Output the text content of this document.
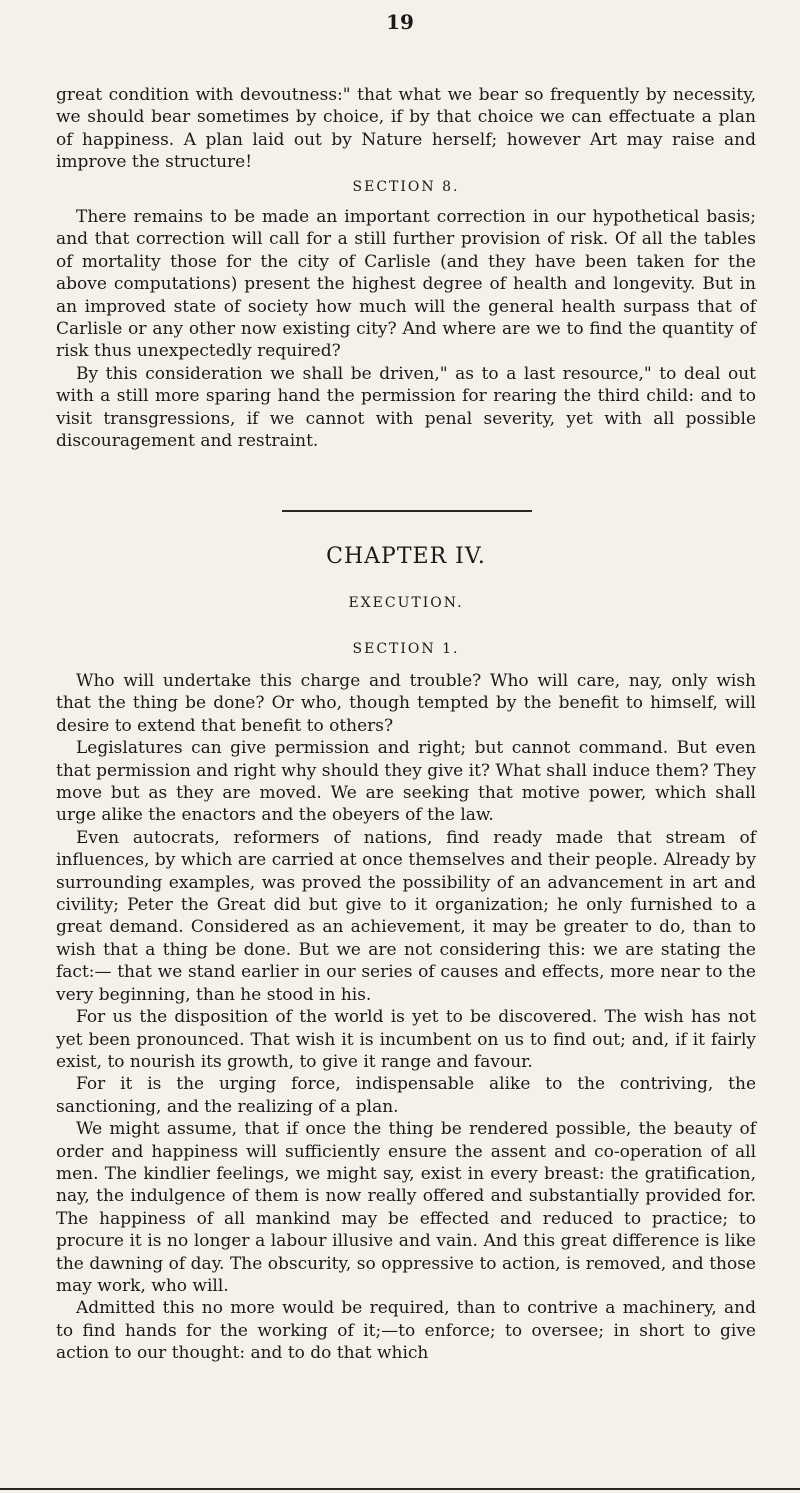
19

great condition with devoutness:" that what we bear so frequently by necessity, we should bear sometimes by choice, if by that choice we can effectuate a plan of happiness. A plan laid out by Nature herself; however Art may raise and improve the structure!

SECTION 8.

There remains to be made an important correction in our hypothetical basis; and that correction will call for a still further provision of risk. Of all the tables of mortality those for the city of Carlisle (and they have been taken for the above computations) present the highest degree of health and longevity. But in an improved state of society how much will the general health surpass that of Carlisle or any other now existing city? And where are we to find the quantity of risk thus unexpectedly required?

By this consideration we shall be driven," as to a last resource," to deal out with a still more sparing hand the permission for rearing the third child: and to visit transgressions, if we cannot with penal severity, yet with all possible discouragement and restraint.

CHAPTER IV.

EXECUTION.

SECTION 1.

Who will undertake this charge and trouble? Who will care, nay, only wish that the thing be done? Or who, though tempted by the benefit to himself, will desire to extend that benefit to others?

Legislatures can give permission and right; but cannot command. But even that permission and right why should they give it? What shall induce them? They move but as they are moved. We are seeking that motive power, which shall urge alike the enactors and the obeyers of the law.

Even autocrats, reformers of nations, find ready made that stream of influences, by which are carried at once themselves and their people. Already by surrounding examples, was proved the possibility of an advancement in art and civility; Peter the Great did but give to it organization; he only furnished to a great demand. Considered as an achievement, it may be greater to do, than to wish that a thing be done. But we are not considering this: we are stating the fact:— that we stand earlier in our series of causes and effects, more near to the very beginning, than he stood in his.

For us the disposition of the world is yet to be discovered. The wish has not yet been pronounced. That wish it is incumbent on us to find out; and, if it fairly exist, to nourish its growth, to give it range and favour.

For it is the urging force, indispensable alike to the contriving, the sanctioning, and the realizing of a plan.

We might assume, that if once the thing be rendered possible, the beauty of order and happiness will sufficiently ensure the assent and co-operation of all men. The kindlier feelings, we might say, exist in every breast: the gratification, nay, the indulgence of them is now really offered and substantially provided for. The happiness of all mankind may be effected and reduced to practice; to procure it is no longer a labour illusive and vain. And this great difference is like the dawning of day. The obscurity, so oppressive to action, is removed, and those may work, who will.

Admitted this no more would be required, than to contrive a machinery, and to find hands for the working of it;—to enforce; to oversee; in short to give action to our thought: and to do that which
